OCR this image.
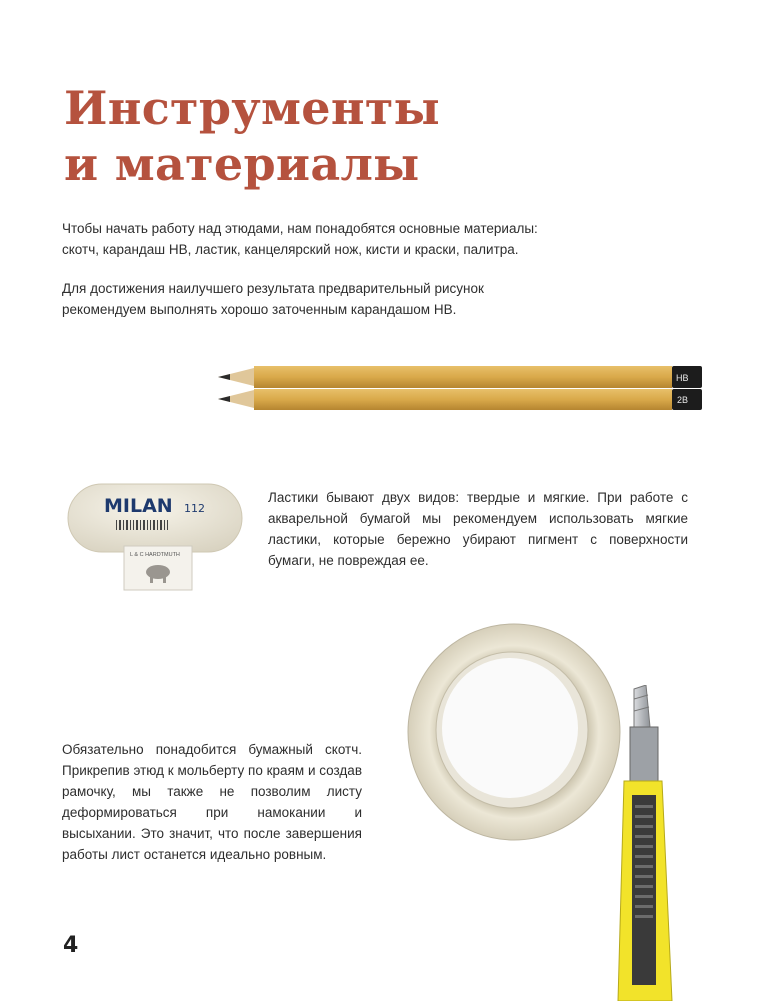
Инструменты
и материалы

Чтобы начать работу над этюдами, нам понадобятся основные материалы: скотч, карандаш НВ, ластик, канцелярский нож, кисти и краски, палитра.

Для достижения наилучшего результата предварительный рисунок рекомендуем выполнять хорошо заточенным карандашом НВ.

HB
2B
MILAN 112
L & C HARDTMUTH

Ластики бывают двух видов: твердые и мягкие. При работе с акварельной бумагой мы рекомендуем использовать мягкие ластики, которые бережно убирают пигмент с поверхности бумаги, не повреждая ее.

Обязательно понадобится бумажный скотч. Прикрепив этюд к мольберту по краям и создав рамочку, мы также не позволим листу деформироваться при намокании и высыхании. Это значит, что после завершения работы лист останется идеально ровным.

4
